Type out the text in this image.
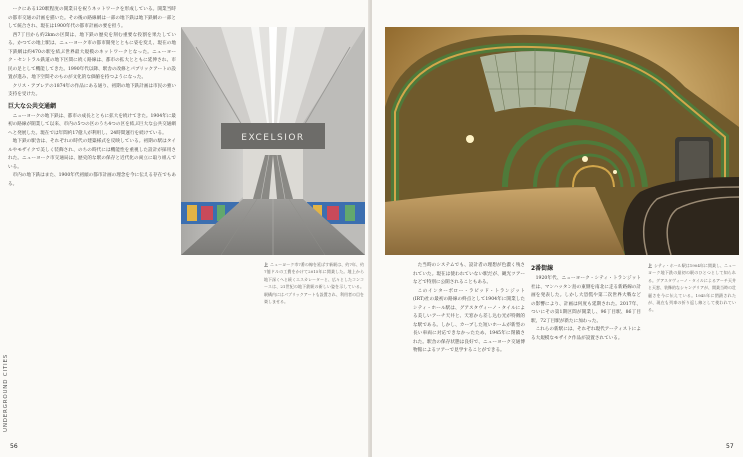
ークにある120駅程度の開業日を祝うネットワークを形成している。開業当時の都市交通の計画を描いた。その後の路線網は一部の地下鉄は地下鉄網の一部として統合され、現在は1900年代の都市計画の要を担う。

西7丁目から約2kmの区間は、地下鉄の歴史を刻む重要な役割を果たしている。かつての地上駅は、ニューヨーク市の都市開発とともに姿を変え、現在の地下鉄網は約470の駅を結ぶ世界最大規模のネットワークとなった。ニューヨーク・セントラル鉄道の地下区間に続く路線は、都市の拡大とともに延伸され、市民の足として機能してきた。1990年代以降、駅舎の改修とパブリックアートの設置が進み、地下空間そのものが文化的な価値を持つようになった。

クリス・アブレアの1874年の作品にある通り、初期の地下鉄計画は市民の強い支持を受けた。

巨大な公共交通網

ニューヨークの地下鉄は、都市の成長とともに拡大を続けてきた。1904年に最初の路線が開業して以来、市内の5つの区のうち4つの区を結ぶ巨大な公共交通網へと発展した。現在では年間約17億人が利用し、24時間運行を続けている。

地下鉄の駅舎は、それぞれの時代の建築様式を反映している。初期の駅はタイルやモザイクで美しく装飾され、のちの時代には機能性を重視した設計が採用された。ニューヨーク市交通局は、歴史的な駅の保存と近代化の両立に取り組んでいる。

市内の地下鉄はまた、1900年代初頭の都市計画の理念を今に伝える存在でもある。

UNDERGROUND CITIES
EXCELSIOR
上 ニューヨーク市7番の線を延ばす新駅は、約7年、約7億ドルの工費をかけて2015年に開業した。地上から地下深くへと続くエスカレーターと、広々としたコンコースは、21世紀の地下鉄駅の新しい姿を示している。駅構内にはパブリックアートも設置され、利用者の目を楽しませる。
56

た当時のシステムでも、設計者の理想が色濃く残されていた。現在は使われていない駅だが、観光ツアーなどで特別に公開されることもある。

このインターボロー・ラピッド・トランジット(IRT)社の最初の路線の終点として1904年に開業したシティ・ホール駅は、グアスタヴィーノ・タイルによる美しいアーチ天井と、天窓から差し込む光が特徴的な駅である。しかし、カーブした短いホームが新型の長い車両に対応できなかったため、1945年に閉鎖された。駅舎の保存状態は良好で、ニューヨーク交通博物館によるツアーで見学することができる。

2番街線

1920年代、ニューヨーク・シティ・トランジット社は、マンハッタン島の東側を南北に走る新路線の計画を発表した。しかし大恐慌や第二次世界大戦などの影響により、計画は何度も延期された。2017年、ついにその第1期区間が開業し、96丁目駅、86丁目駅、72丁目駅が新たに加わった。

これらの新駅には、それぞれ現代アーティストによる大規模なモザイク作品が設置されている。

上 シティ・ホール駅は1904年に開業し、ニューヨーク地下鉄の最初の駅のひとつとして知られる。グアスタヴィーノ・タイルによるアーチ天井と天窓、装飾的なシャンデリアが、開業当時の壮麗さを今に伝えている。1945年に閉鎖されたが、現在も列車の折り返し線として使われている。
57
